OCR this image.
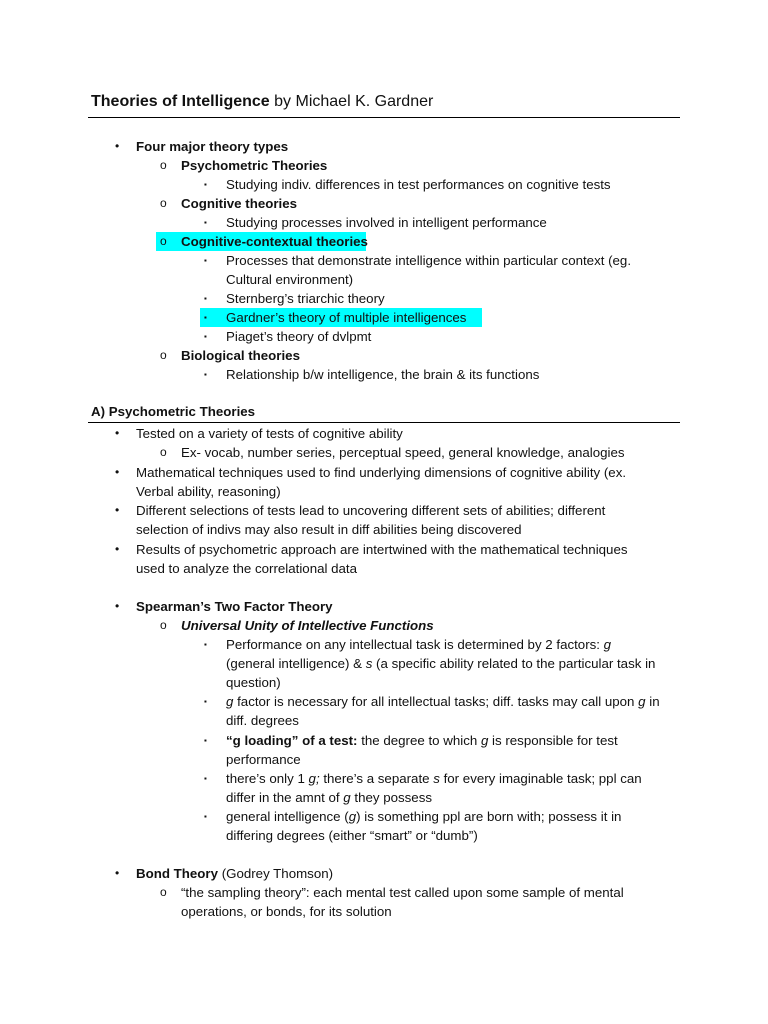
Theories of Intelligence by Michael K. Gardner
• Four major theory types
o Psychometric Theories
▪ Studying indiv. differences in test performances on cognitive tests
o Cognitive theories
▪ Studying processes involved in intelligent performance
o Cognitive-contextual theories
▪ Processes that demonstrate intelligence within particular context (eg.
Cultural environment)
▪ Sternberg’s triarchic theory
▪ Gardner’s theory of multiple intelligences
▪ Piaget’s theory of dvlpmt
o Biological theories
▪ Relationship b/w intelligence, the brain & its functions
A) Psychometric Theories
• Tested on a variety of tests of cognitive ability
o Ex- vocab, number series, perceptual speed, general knowledge, analogies
• Mathematical techniques used to find underlying dimensions of cognitive ability (ex.
Verbal ability, reasoning)
• Different selections of tests lead to uncovering different sets of abilities; different
selection of indivs may also result in diff abilities being discovered
• Results of psychometric approach are intertwined with the mathematical techniques
used to analyze the correlational data
• Spearman’s Two Factor Theory
o Universal Unity of Intellective Functions
▪ Performance on any intellectual task is determined by 2 factors: g
(general intelligence) & s (a specific ability related to the particular task in
question)
▪ g factor is necessary for all intellectual tasks; diff. tasks may call upon g in
diff. degrees
▪ “g loading” of a test: the degree to which g is responsible for test
performance
▪ there’s only 1 g; there’s a separate s for every imaginable task; ppl can
differ in the amnt of g they possess
▪ general intelligence (g) is something ppl are born with; possess it in
differing degrees (either “smart” or “dumb”)
• Bond Theory (Godrey Thomson)
o “the sampling theory”: each mental test called upon some sample of mental
operations, or bonds, for its solution
